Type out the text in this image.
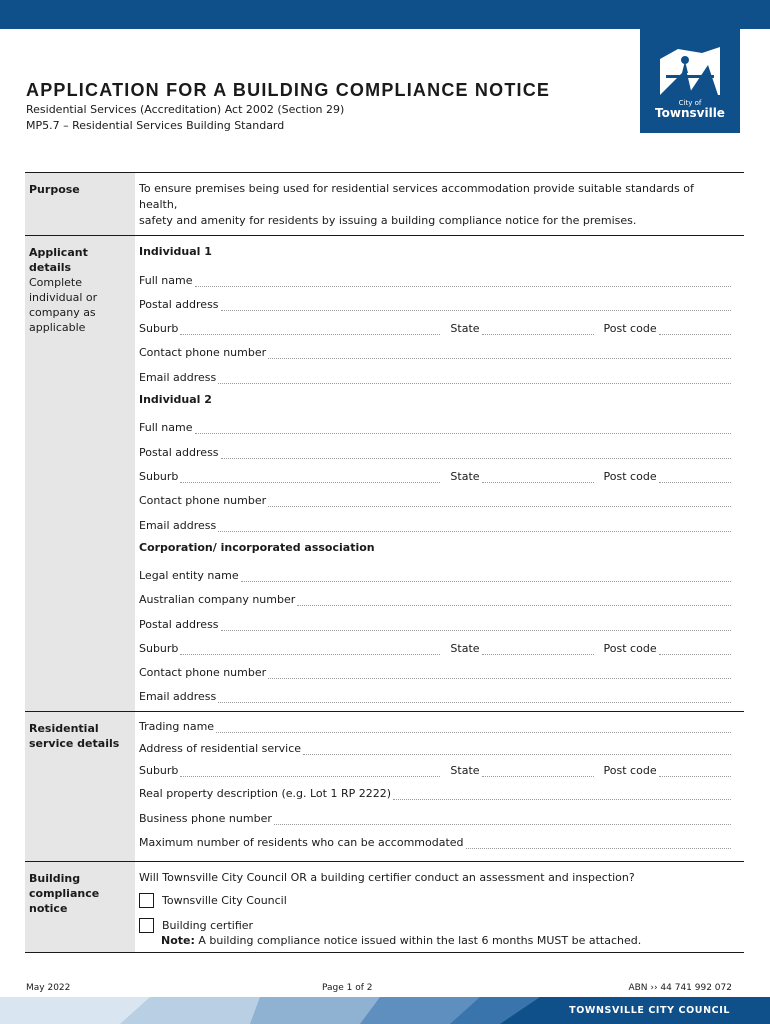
City of
Townsville
APPLICATION FOR A BUILDING COMPLIANCE NOTICE
Residential Services (Accreditation) Act 2002 (Section 29)
MP5.7 – Residential Services Building Standard
Purpose	To ensure premises being used for residential services accommodation provide suitable standards of health,
safety and amenity for residents by issuing a building compliance notice for the premises.
Applicant details
Complete
individual or
company as
applicable
Individual 1
Full name
Postal address
Suburb	State	Post code
Contact phone number
Email address
Individual 2
Full name
Postal address
Suburb	State	Post code
Contact phone number
Email address
Corporation/ incorporated association
Legal entity name
Australian company number
Postal address
Suburb	State	Post code
Contact phone number
Email address
Residential
service details
Trading name
Address of residential service
Suburb	State	Post code
Real property description (e.g. Lot 1 RP 2222)
Business phone number
Maximum number of residents who can be accommodated
Building
compliance notice
Will Townsville City Council OR a building certifier conduct an assessment and inspection?
Townsville City Council
Building certifier
Note: A building compliance notice issued within the last 6 months MUST be attached.
May 2022	Page 1 of 2	ABN ›› 44 741 992 072
TOWNSVILLE CITY COUNCIL
